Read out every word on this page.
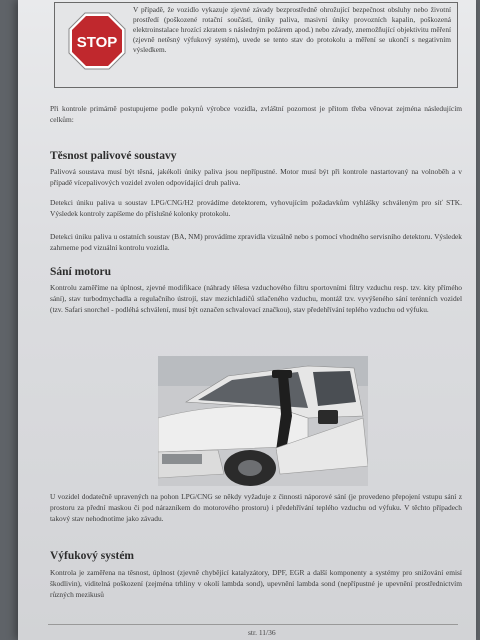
STOP
V případě, že vozidlo vykazuje zjevné závady bezprostředně ohrožující bezpečnost obsluhy nebo životní prostředí (poškozené rotační součásti, úniky paliva, masivní úniky provozních kapalin, poškozená elektroinstalace hrozící zkratem s následným požárem apod.) nebo závady, znemožňující objektivitu měření (zjevně netěsný výfukový systém), uvede se tento stav do protokolu a měření se ukončí s negativním výsledkem.
Při kontrole primárně postupujeme podle pokynů výrobce vozidla, zvláštní pozornost je přitom třeba věnovat zejména následujícím celkům:
Těsnost palivové soustavy
Palivová soustava musí být těsná, jakékoli úniky paliva jsou nepřípustné. Motor musí být při kontrole nastartovaný na volnoběh a v případě vícepalivových vozidel zvolen odpovídající druh paliva.
Detekci úniku paliva u soustav LPG/CNG/H2 provádíme detektorem, vyhovujícím požadavkům vyhlášky schváleným pro síť STK. Výsledek kontroly zapíšeme do příslušné kolonky protokolu.
Detekci úniku paliva u ostatních soustav (BA, NM) provádíme zpravidla vizuálně nebo s pomocí vhodného servisního detektoru. Výsledek zahrneme pod vizuální kontrolu vozidla.
Sání motoru
Kontrolu zaměříme na úplnost, zjevné modifikace (náhrady tělesa vzduchového filtru sportovními filtry vzduchu resp. tzv. kity přímého sání), stav turbodmychadla a regulačního ústrojí, stav mezichladičů stlačeného vzduchu, montáž tzv. vyvýšeného sání terénních vozidel (tzv. Safari snorchel - podléhá schválení, musí být označen schvalovací značkou), stav předehřívání teplého vzduchu od výfuku.
U vozidel dodatečně upravených na pohon LPG/CNG se někdy vyžaduje z činnosti náporové sání (je provedeno přepojení vstupu sání z prostoru za přední maskou či pod nárazníkem do motorového prostoru) i předehřívání teplého vzduchu od výfuku. V těchto případech takový stav nehodnotíme jako závadu.
Výfukový systém
Kontrola je zaměřena na těsnost, úplnost (zjevně chybějící katalyzátory, DPF, EGR a další komponenty a systémy pro snižování emisí škodlivin), viditelná poškození (zejména trhliny v okolí lambda sond), upevnění lambda sond (nepřípustné je upevnění prostřednictvím různých mezikusů
str. 11/36
